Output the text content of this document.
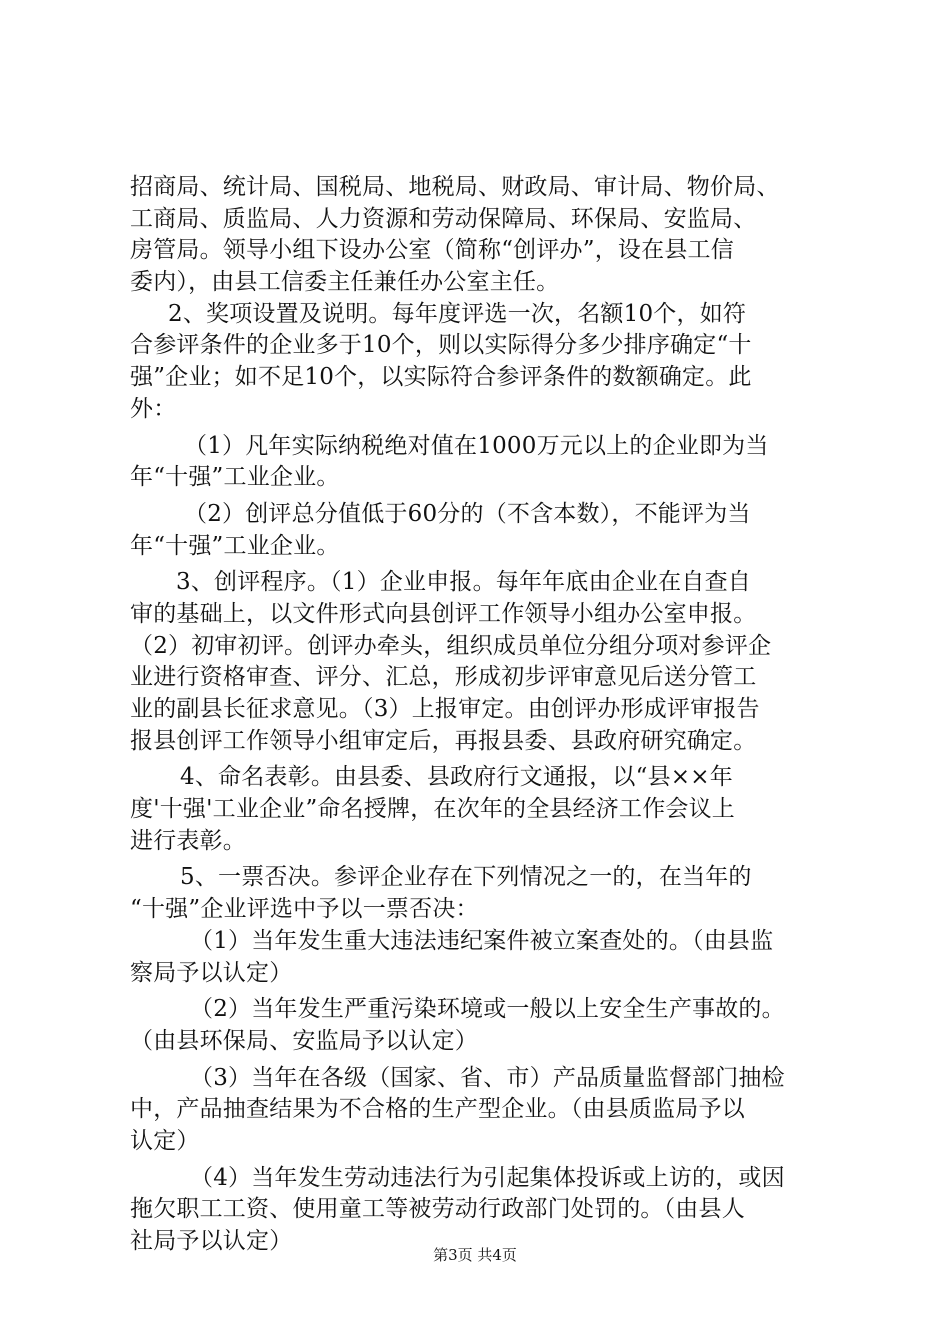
招商局、统计局、国税局、地税局、财政局、审计局、物价局、
工商局、质监局、人力资源和劳动保障局、环保局、安监局、
房管局。领导小组下设办公室（简称“创评办”，设在县工信
委内），由县工信委主任兼任办公室主任。
2、奖项设置及说明。每年度评选一次，名额10个，如符
合参评条件的企业多于10个，则以实际得分多少排序确定“十
强”企业；如不足10个，以实际符合参评条件的数额确定。此
外：
（1）凡年实际纳税绝对值在1000万元以上的企业即为当
年“十强”工业企业。
（2）创评总分值低于60分的（不含本数），不能评为当
年“十强”工业企业。
3、创评程序。（1）企业申报。每年年底由企业在自查自
审的基础上，以文件形式向县创评工作领导小组办公室申报。
（2）初审初评。创评办牵头，组织成员单位分组分项对参评企
业进行资格审查、评分、汇总，形成初步评审意见后送分管工
业的副县长征求意见。（3）上报审定。由创评办形成评审报告
报县创评工作领导小组审定后，再报县委、县政府研究确定。
4、命名表彰。由县委、县政府行文通报，以“县××年
度'十强'工业企业”命名授牌，在次年的全县经济工作会议上
进行表彰。
5、一票否决。参评企业存在下列情况之一的，在当年的
“十强”企业评选中予以一票否决：
（1）当年发生重大违法违纪案件被立案查处的。（由县监
察局予以认定）
（2）当年发生严重污染环境或一般以上安全生产事故的。
（由县环保局、安监局予以认定）
（3）当年在各级（国家、省、市）产品质量监督部门抽检
中，产品抽查结果为不合格的生产型企业。（由县质监局予以
认定）
（4）当年发生劳动违法行为引起集体投诉或上访的，或因
拖欠职工工资、使用童工等被劳动行政部门处罚的。（由县人
社局予以认定）
第3页 共4页
